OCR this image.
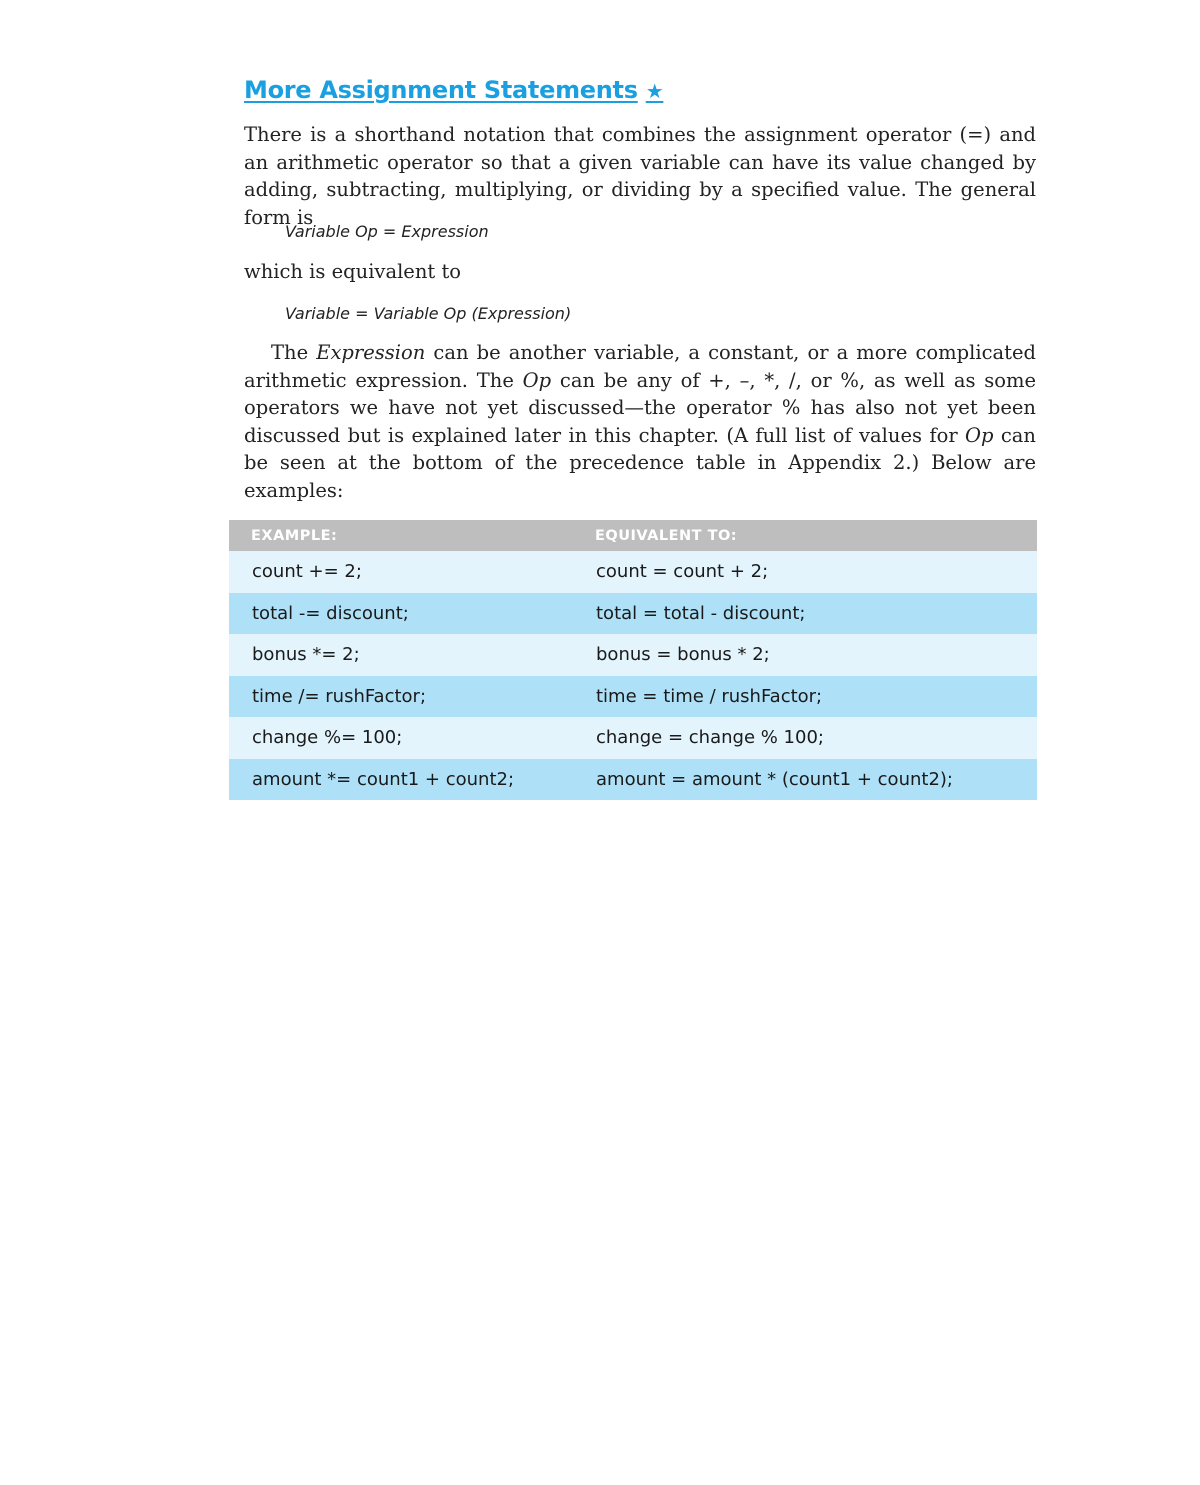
More Assignment Statements ★

There is a shorthand notation that combines the assignment operator (=) and an arithmetic operator so that a given variable can have its value changed by adding, subtracting, multiplying, or dividing by a specified value. The general form is

Variable Op = Expression

which is equivalent to

Variable = Variable Op (Expression)

The Expression can be another variable, a constant, or a more complicated arithmetic expression. The Op can be any of +, –, *, /, or %, as well as some operators we have not yet discussed—the operator % has also not yet been discussed but is explained later in this chapter. (A full list of values for Op can be seen at the bottom of the precedence table in Appendix 2.) Below are examples:

EXAMPLE:	EQUIVALENT TO:
count += 2;	count = count + 2;
total -= discount;	total = total - discount;
bonus *= 2;	bonus = bonus * 2;
time /= rushFactor;	time = time / rushFactor;
change %= 100;	change = change % 100;
amount *= count1 + count2;	amount = amount * (count1 + count2);
